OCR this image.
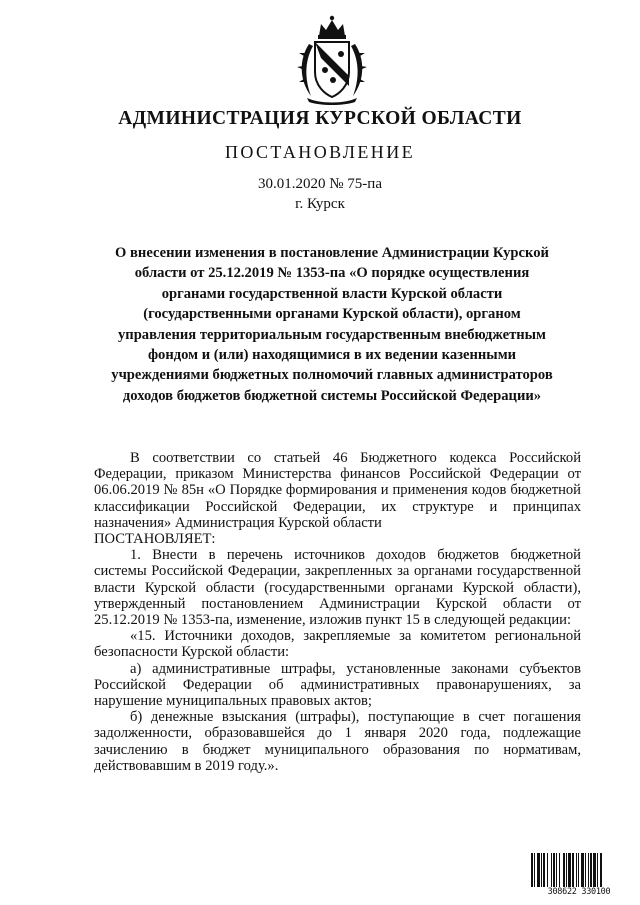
АДМИНИСТРАЦИЯ КУРСКОЙ ОБЛАСТИ
ПОСТАНОВЛЕНИЕ
30.01.2020 № 75-па
г. Курск

О внесении изменения в постановление Администрации Курской области от 25.12.2019 № 1353-па «О порядке осуществления органами государственной власти Курской области (государственными органами Курской области), органом управления территориальным государственным внебюджетным фондом и (или) находящимися в их ведении казенными учреждениями бюджетных полномочий главных администраторов доходов бюджетов бюджетной системы Российской Федерации»

В соответствии со статьей 46 Бюджетного кодекса Российской Федерации, приказом Министерства финансов Российской Федерации от 06.06.2019 № 85н «О Порядке формирования и применения кодов бюджетной классификации Российской Федерации, их структуре и принципах назначения» Администрация Курской области

ПОСТАНОВЛЯЕТ:

1. Внести в перечень источников доходов бюджетов бюджетной системы Российской Федерации, закрепленных за органами государственной власти Курской области (государственными органами Курской области), утвержденный постановлением Администрации Курской области от 25.12.2019 № 1353-па, изменение, изложив пункт 15 в следующей редакции:

«15. Источники доходов, закрепляемые за комитетом региональной безопасности Курской области:

а) административные штрафы, установленные законами субъектов Российской Федерации об административных правонарушениях, за нарушение муниципальных правовых актов;

б) денежные взыскания (штрафы), поступающие в счет погашения задолженности, образовавшейся до 1 января 2020 года, подлежащие зачислению в бюджет муниципального образования по нормативам, действовавшим в 2019 году.».

308622 330100
